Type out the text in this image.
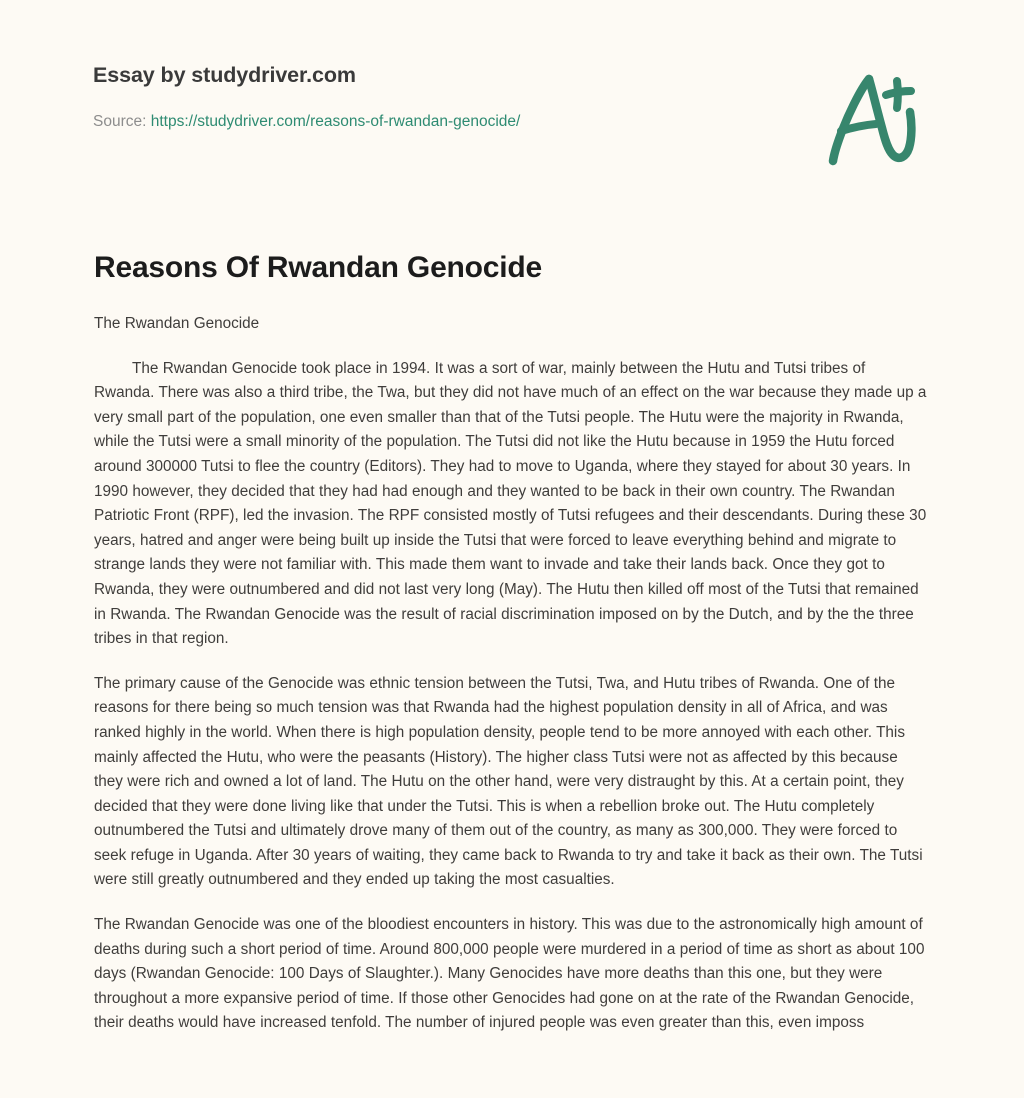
Essay by studydriver.com

Source: https://studydriver.com/reasons-of-rwandan-genocide/

Reasons Of Rwandan Genocide

The Rwandan Genocide

The Rwandan Genocide took place in 1994. It was a sort of war, mainly between the Hutu and Tutsi tribes of Rwanda. There was also a third tribe, the Twa, but they did not have much of an effect on the war because they made up a very small part of the population, one even smaller than that of the Tutsi people. The Hutu were the majority in Rwanda, while the Tutsi were a small minority of the population. The Tutsi did not like the Hutu because in 1959 the Hutu forced around 300000 Tutsi to flee the country (Editors). They had to move to Uganda, where they stayed for about 30 years. In 1990 however, they decided that they had had enough and they wanted to be back in their own country. The Rwandan Patriotic Front (RPF), led the invasion. The RPF consisted mostly of Tutsi refugees and their descendants. During these 30 years, hatred and anger were being built up inside the Tutsi that were forced to leave everything behind and migrate to strange lands they were not familiar with. This made them want to invade and take their lands back. Once they got to Rwanda, they were outnumbered and did not last very long (May). The Hutu then killed off most of the Tutsi that remained in Rwanda. The Rwandan Genocide was the result of racial discrimination imposed on by the Dutch, and by the the three tribes in that region.

The primary cause of the Genocide was ethnic tension between the Tutsi, Twa, and Hutu tribes of Rwanda. One of the reasons for there being so much tension was that Rwanda had the highest population density in all of Africa, and was ranked highly in the world. When there is high population density, people tend to be more annoyed with each other. This mainly affected the Hutu, who were the peasants (History). The higher class Tutsi were not as affected by this because they were rich and owned a lot of land. The Hutu on the other hand, were very distraught by this. At a certain point, they decided that they were done living like that under the Tutsi. This is when a rebellion broke out. The Hutu completely outnumbered the Tutsi and ultimately drove many of them out of the country, as many as 300,000. They were forced to seek refuge in Uganda. After 30 years of waiting, they came back to Rwanda to try and take it back as their own. The Tutsi were still greatly outnumbered and they ended up taking the most casualties.

The Rwandan Genocide was one of the bloodiest encounters in history. This was due to the astronomically high amount of deaths during such a short period of time. Around 800,000 people were murdered in a period of time as short as about 100 days (Rwandan Genocide: 100 Days of Slaughter.). Many Genocides have more deaths than this one, but they were throughout a more expansive period of time. If those other Genocides had gone on at the rate of the Rwandan Genocide, their deaths would have increased tenfold. The number of injured people was even greater than this, even imposs
